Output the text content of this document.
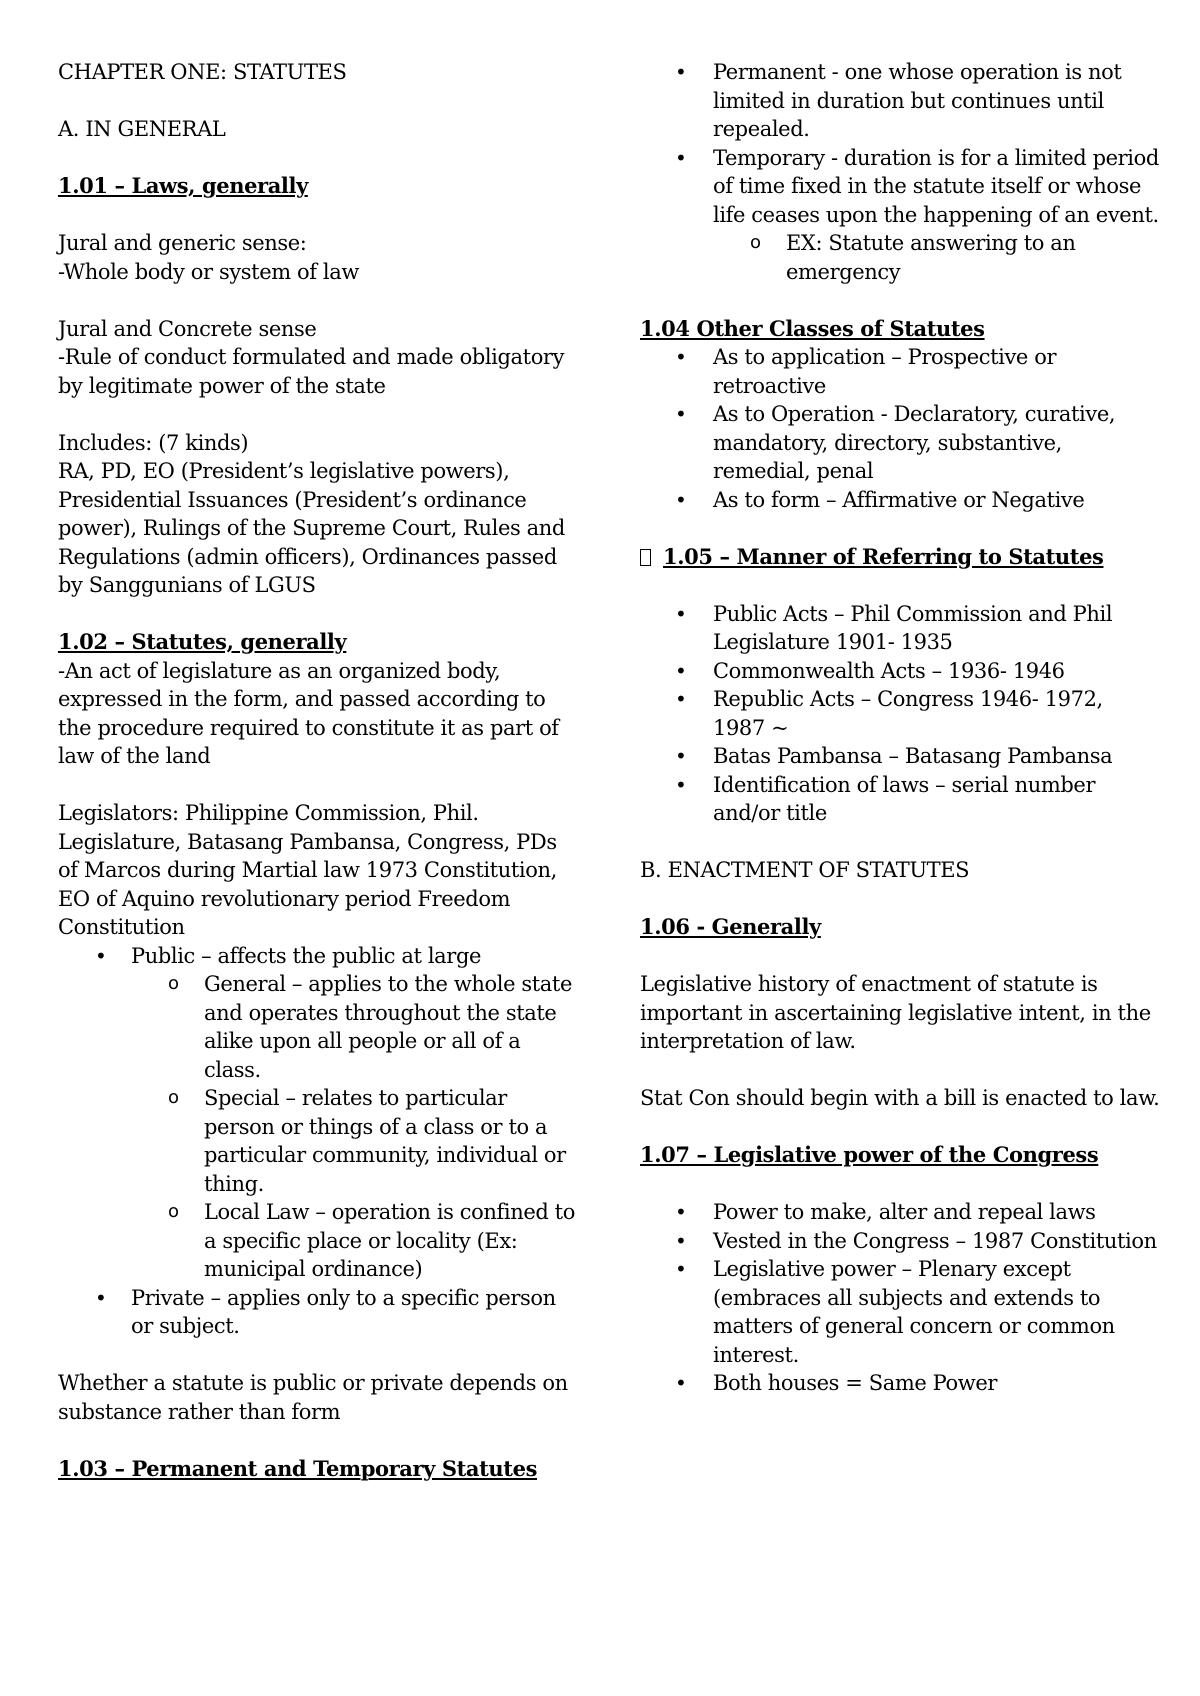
CHAPTER ONE: STATUTES

A. IN GENERAL

1.01 – Laws, generally

Jural and generic sense:

-Whole body or system of law

Jural and Concrete sense

-Rule of conduct formulated and made obligatory by legitimate power of the state

Includes: (7 kinds)

RA, PD, EO (President’s legislative powers), Presidential Issuances (President’s ordinance power), Rulings of the Supreme Court, Rules and Regulations (admin officers), Ordinances passed by Sanggunians of LGUS

1.02 – Statutes, generally

-An act of legislature as an organized body, expressed in the form, and passed according to the procedure required to constitute it as part of law of the land

Legislators: Philippine Commission, Phil. Legislature, Batasang Pambansa, Congress, PDs of Marcos during Martial law 1973 Constitution, EO of Aquino revolutionary period Freedom Constitution

• Public – affects the public at large
o General – applies to the whole state and operates throughout the state alike upon all people or all of a class.
o Special – relates to particular person or things of a class or to a particular community, individual or thing.
o Local Law – operation is confined to a specific place or locality (Ex: municipal ordinance)
• Private – applies only to a specific person or subject.

Whether a statute is public or private depends on substance rather than form

1.03 – Permanent and Temporary Statutes

• Permanent - one whose operation is not limited in duration but continues until repealed.
• Temporary - duration is for a limited period of time fixed in the statute itself or whose life ceases upon the happening of an event.
o EX: Statute answering to an emergency

1.04 Other Classes of Statutes

• As to application – Prospective or retroactive
• As to Operation - Declaratory, curative, mandatory, directory, substantive, remedial, penal
• As to form – Affirmative or Negative

1.05 – Manner of Referring to Statutes

• Public Acts – Phil Commission and Phil Legislature 1901- 1935
• Commonwealth Acts – 1936- 1946
• Republic Acts – Congress 1946- 1972, 1987 ~
• Batas Pambansa – Batasang Pambansa
• Identification of laws – serial number and/or title

B. ENACTMENT OF STATUTES

1.06 - Generally

Legislative history of enactment of statute is important in ascertaining legislative intent, in the interpretation of law.

Stat Con should begin with a bill is enacted to law.

1.07 – Legislative power of the Congress

• Power to make, alter and repeal laws
• Vested in the Congress – 1987 Constitution
• Legislative power – Plenary except (embraces all subjects and extends to matters of general concern or common interest.
• Both houses = Same Power
